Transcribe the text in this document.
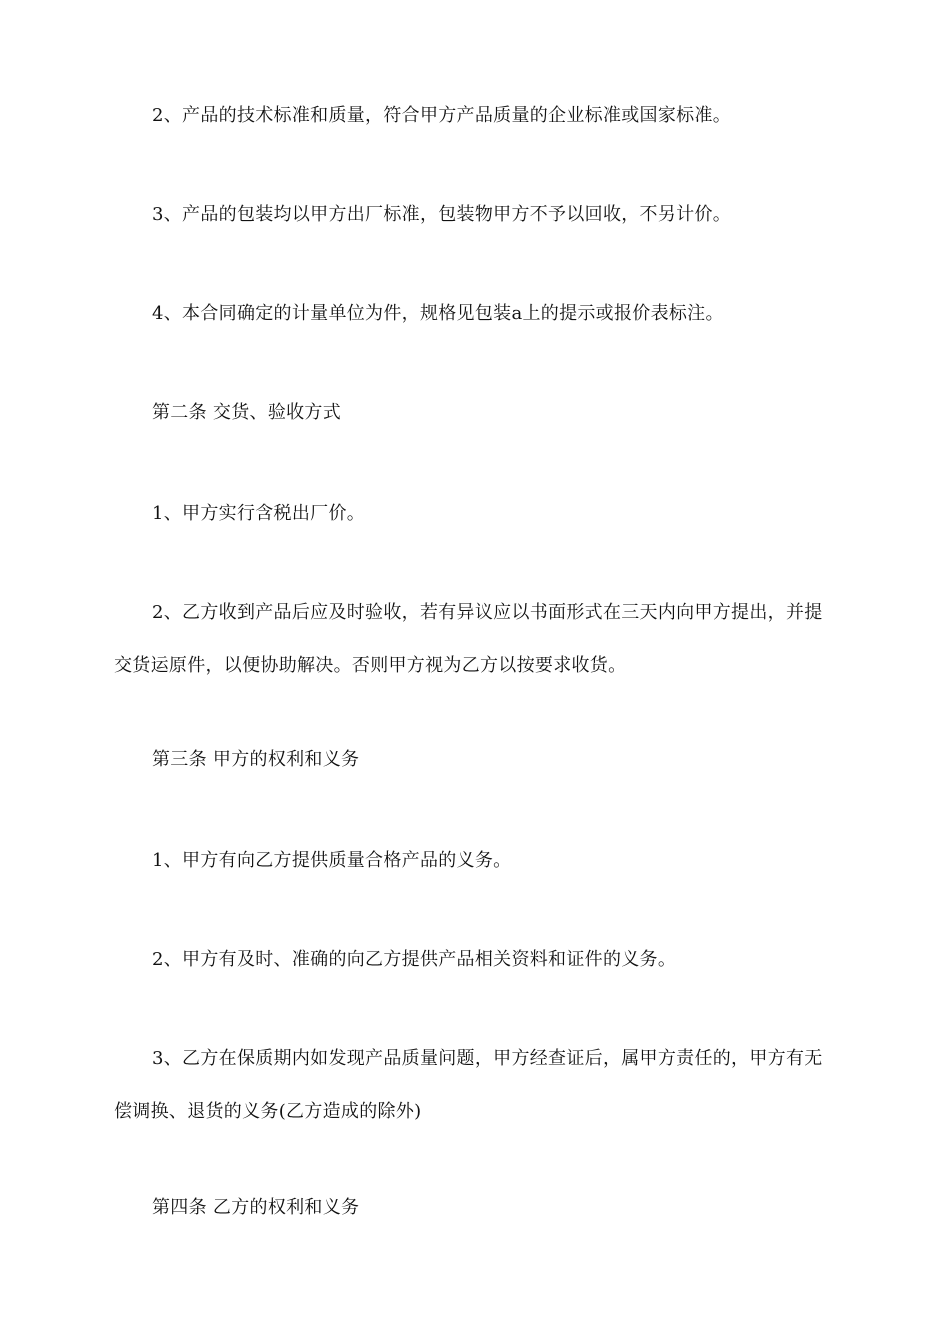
2、产品的技术标准和质量，符合甲方产品质量的企业标准或国家标准。

3、产品的包装均以甲方出厂标准，包装物甲方不予以回收，不另计价。

4、本合同确定的计量单位为件，规格见包装a上的提示或报价表标注。

第二条 交货、验收方式

1、甲方实行含税出厂价。

2、乙方收到产品后应及时验收，若有异议应以书面形式在三天内向甲方提出，并提交货运原件，以便协助解决。否则甲方视为乙方以按要求收货。

第三条 甲方的权利和义务

1、甲方有向乙方提供质量合格产品的义务。

2、甲方有及时、准确的向乙方提供产品相关资料和证件的义务。

3、乙方在保质期内如发现产品质量问题，甲方经查证后，属甲方责任的，甲方有无偿调换、退货的义务(乙方造成的除外)

第四条 乙方的权利和义务
